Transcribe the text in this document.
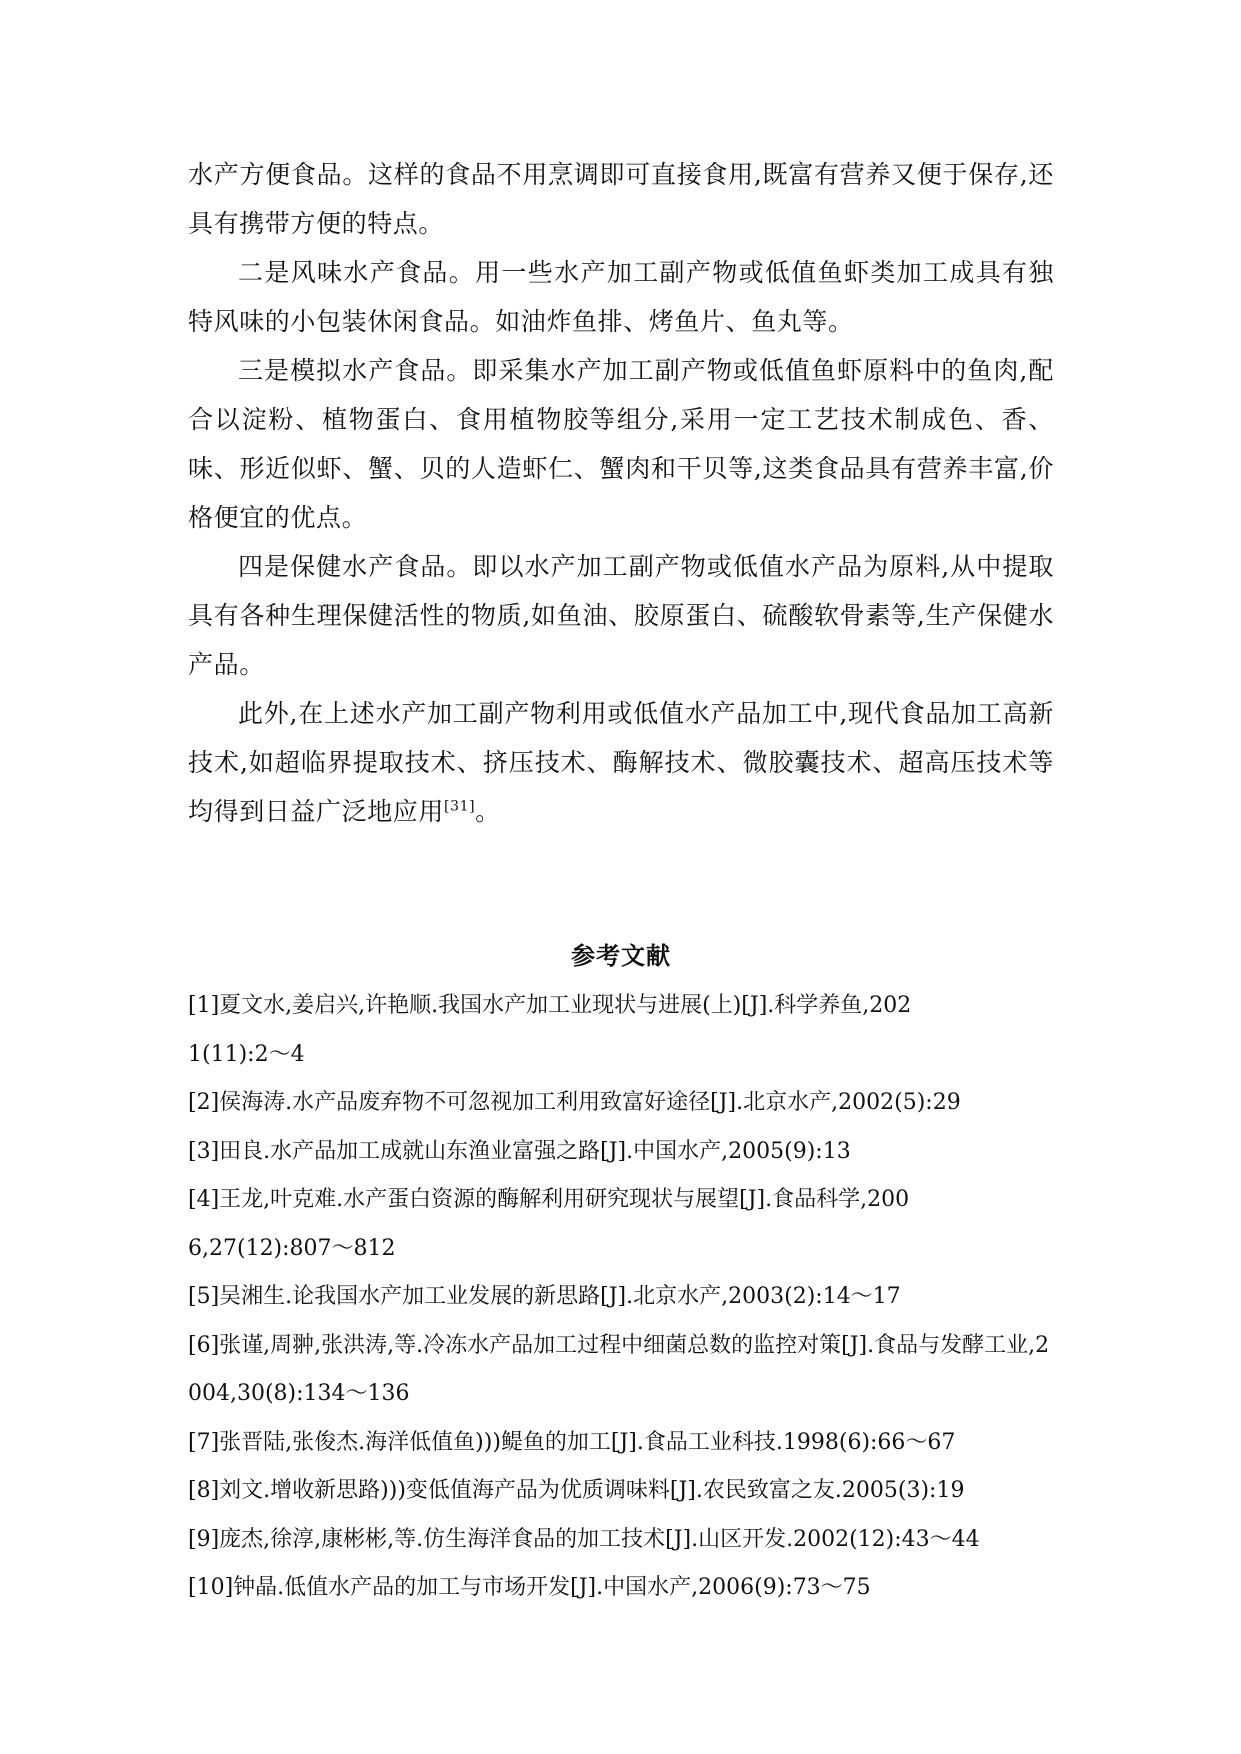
水产方便食品。这样的食品不用烹调即可直接食用,既富有营养又便于保存,还具有携带方便的特点。

二是风味水产食品。用一些水产加工副产物或低值鱼虾类加工成具有独特风味的小包装休闲食品。如油炸鱼排、烤鱼片、鱼丸等。

三是模拟水产食品。即采集水产加工副产物或低值鱼虾原料中的鱼肉,配合以淀粉、植物蛋白、食用植物胶等组分,采用一定工艺技术制成色、香、味、形近似虾、蟹、贝的人造虾仁、蟹肉和干贝等,这类食品具有营养丰富,价格便宜的优点。

四是保健水产食品。即以水产加工副产物或低值水产品为原料,从中提取具有各种生理保健活性的物质,如鱼油、胶原蛋白、硫酸软骨素等,生产保健水产品。

此外,在上述水产加工副产物利用或低值水产品加工中,现代食品加工高新技术,如超临界提取技术、挤压技术、酶解技术、微胶囊技术、超高压技术等均得到日益广泛地应用[31]。

参考文献

[1]夏文水,姜启兴,许艳顺.我国水产加工业现状与进展(上)[J].科学养鱼,2021(11):2～4

[2]侯海涛.水产品废弃物不可忽视加工利用致富好途径[J].北京水产,2002(5):29

[3]田良.水产品加工成就山东渔业富强之路[J].中国水产,2005(9):13

[4]王龙,叶克难.水产蛋白资源的酶解利用研究现状与展望[J].食品科学,2006,27(12):807～812

[5]吴湘生.论我国水产加工业发展的新思路[J].北京水产,2003(2):14～17

[6]张谨,周翀,张洪涛,等.冷冻水产品加工过程中细菌总数的监控对策[J].食品与发酵工业,2004,30(8):134～136

[7]张晋陆,张俊杰.海洋低值鱼)))鳀鱼的加工[J].食品工业科技.1998(6):66～67

[8]刘文.增收新思路)))变低值海产品为优质调味料[J].农民致富之友.2005(3):19

[9]庞杰,徐淳,康彬彬,等.仿生海洋食品的加工技术[J].山区开发.2002(12):43～44

[10]钟晶.低值水产品的加工与市场开发[J].中国水产,2006(9):73～75
